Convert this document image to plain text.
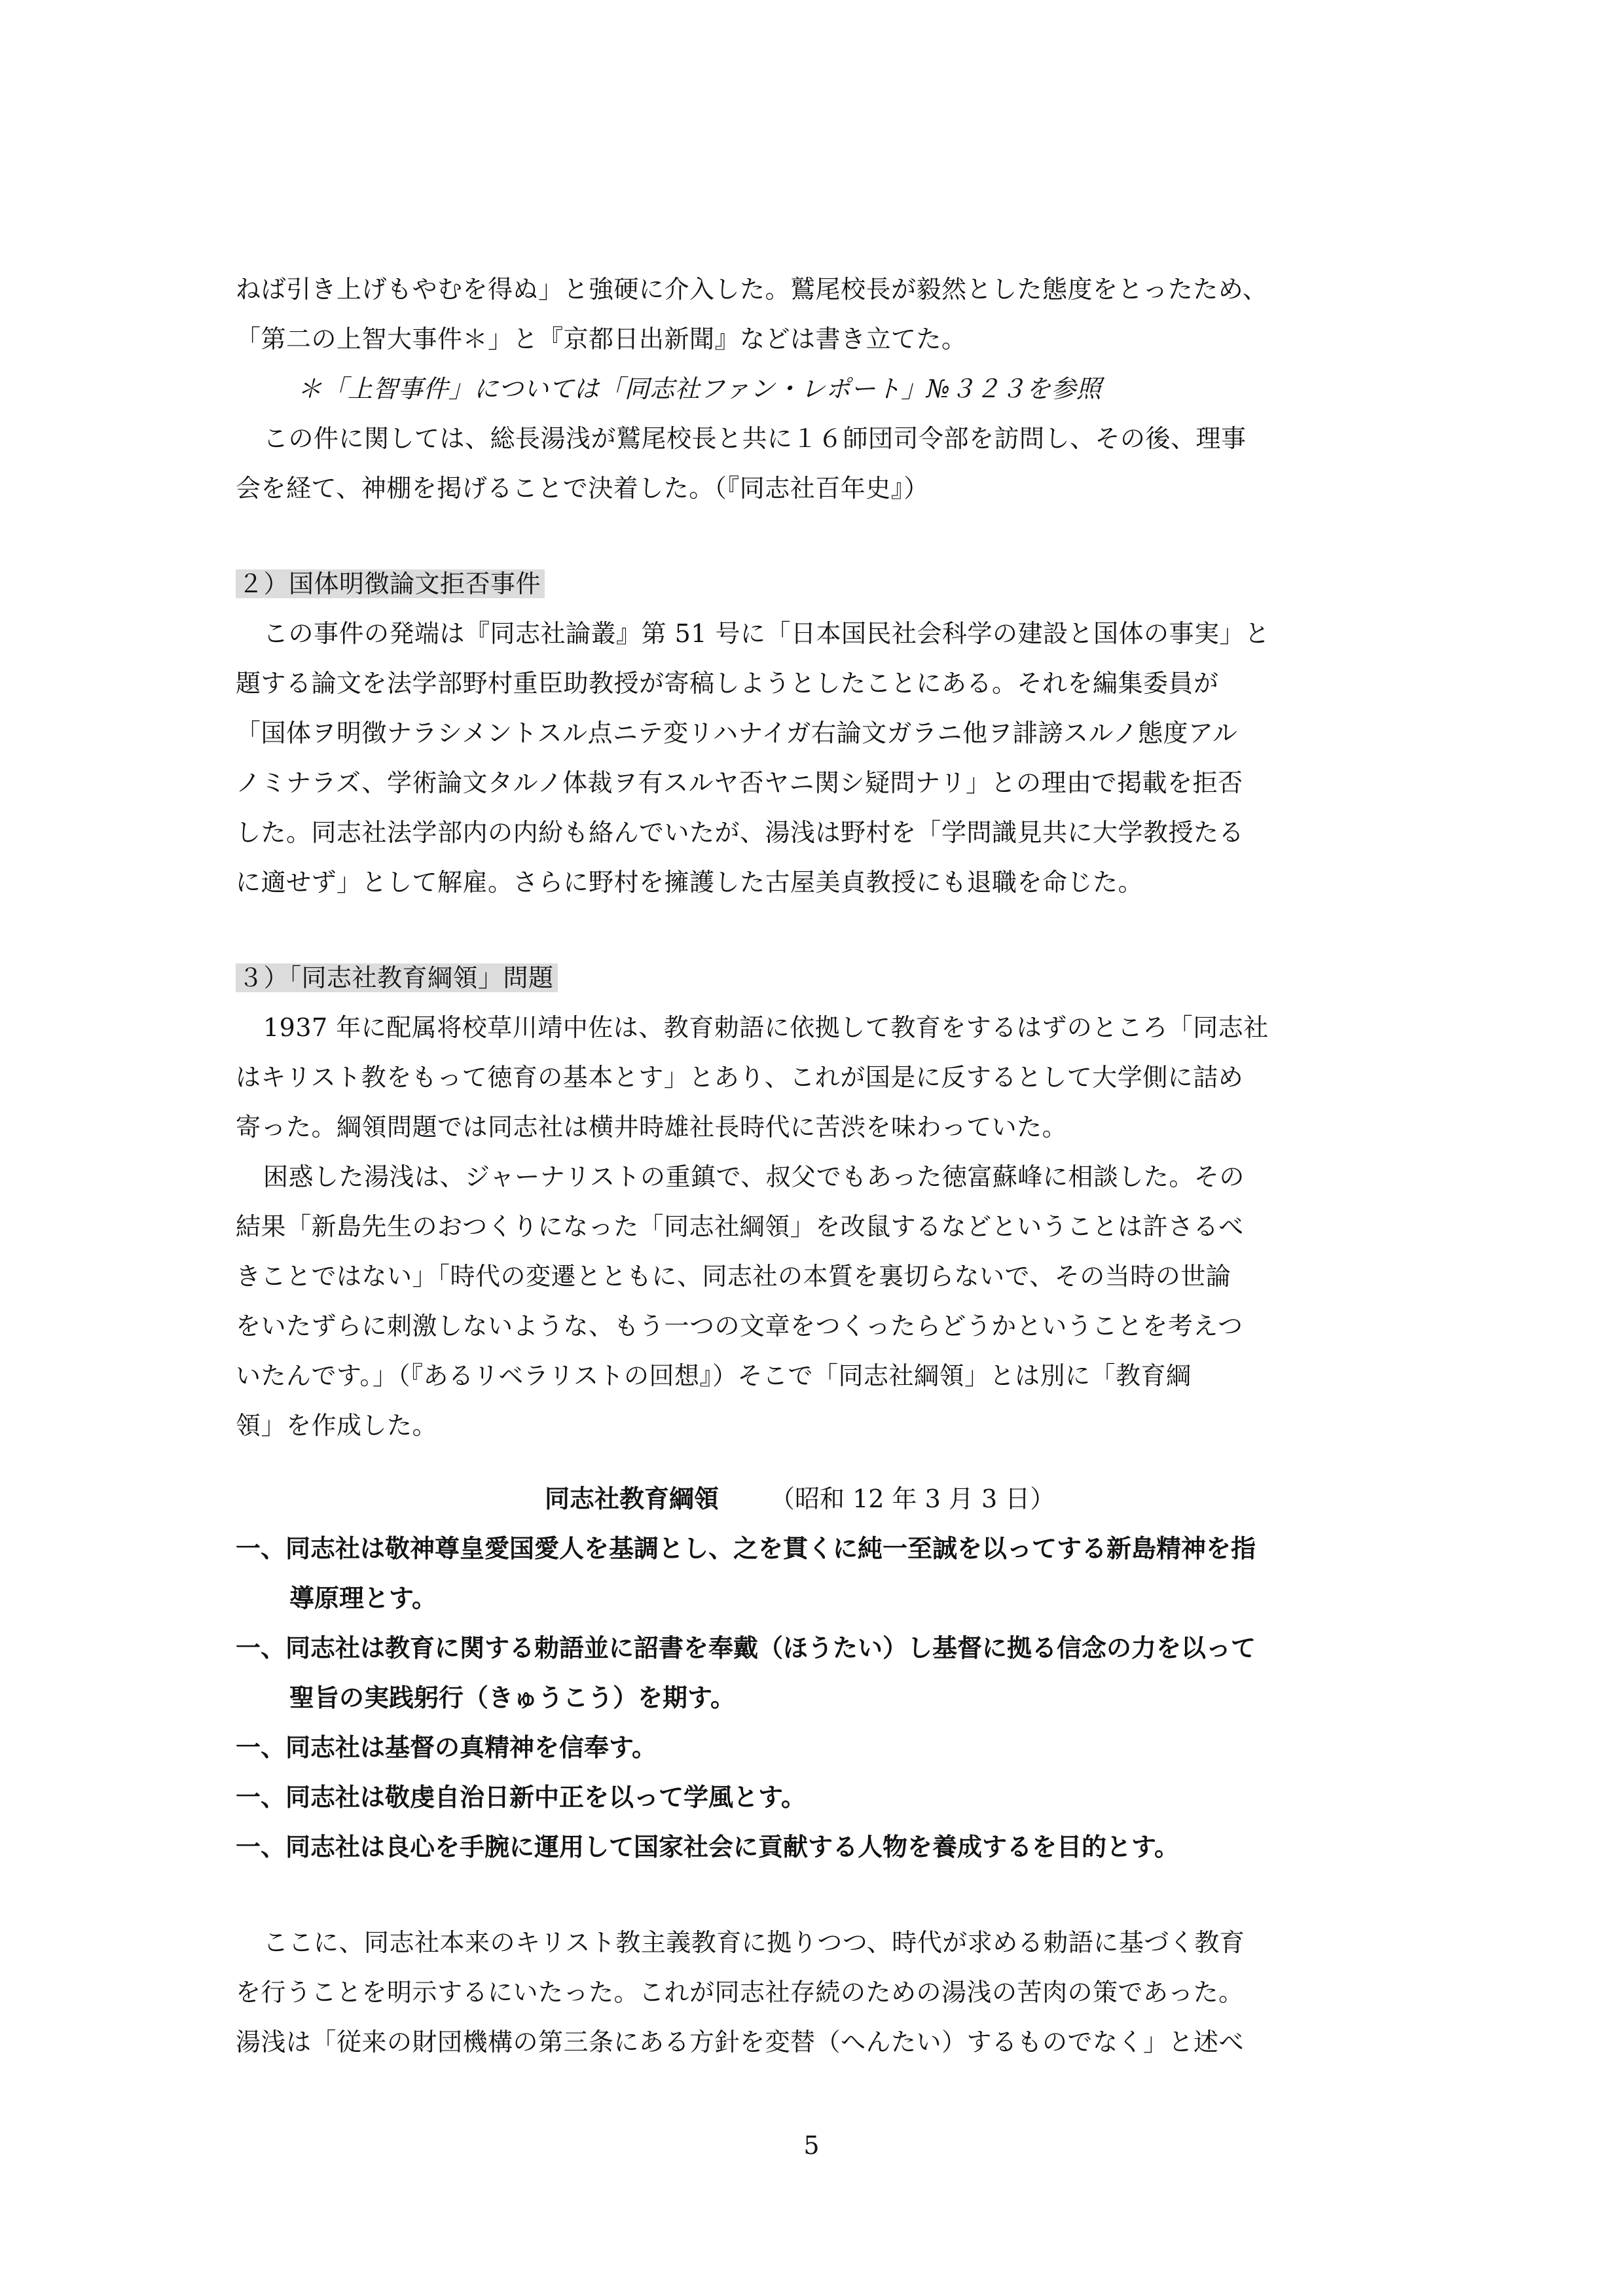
ねば引き上げもやむを得ぬ」と強硬に介入した。鷲尾校長が毅然とした態度をとったため、
「第二の上智大事件＊」と『京都日出新聞』などは書き立てた。
＊「上智事件」については「同志社ファン・レポート」№３２３を参照
この件に関しては、総長湯浅が鷲尾校長と共に１６師団司令部を訪問し、その後、理事
会を経て、神棚を掲げることで決着した。（『同志社百年史』）
２）国体明徴論文拒否事件
この事件の発端は『同志社論叢』第 51 号に「日本国民社会科学の建設と国体の事実」と
題する論文を法学部野村重臣助教授が寄稿しようとしたことにある。それを編集委員が
「国体ヲ明徴ナラシメントスル点ニテ変リハナイガ右論文ガラニ他ヲ誹謗スルノ態度アル
ノミナラズ、学術論文タルノ体裁ヲ有スルヤ否ヤニ関シ疑問ナリ」との理由で掲載を拒否
した。同志社法学部内の内紛も絡んでいたが、湯浅は野村を「学問識見共に大学教授たる
に適せず」として解雇。さらに野村を擁護した古屋美貞教授にも退職を命じた。
３）「同志社教育綱領」問題
1937 年に配属将校草川靖中佐は、教育勅語に依拠して教育をするはずのところ「同志社
はキリスト教をもって徳育の基本とす」とあり、これが国是に反するとして大学側に詰め
寄った。綱領問題では同志社は横井時雄社長時代に苦渋を味わっていた。
困惑した湯浅は、ジャーナリストの重鎮で、叔父でもあった徳富蘇峰に相談した。その
結果「新島先生のおつくりになった「同志社綱領」を改鼠するなどということは許さるべ
きことではない」「時代の変遷とともに、同志社の本質を裏切らないで、その当時の世論
をいたずらに刺激しないような、もう一つの文章をつくったらどうかということを考えつ
いたんです。」（『あるリベラリストの回想』）そこで「同志社綱領」とは別に「教育綱
領」を作成した。
同志社教育綱領 （昭和 12 年 3 月 3 日）
一、同志社は敬神尊皇愛国愛人を基調とし、之を貫くに純一至誠を以ってする新島精神を指
導原理とす。
一、同志社は教育に関する勅語並に詔書を奉戴（ほうたい）し基督に拠る信念の力を以って
聖旨の実践躬行（きゅうこう）を期す。
一、同志社は基督の真精神を信奉す。
一、同志社は敬虔自治日新中正を以って学風とす。
一、同志社は良心を手腕に運用して国家社会に貢献する人物を養成するを目的とす。
ここに、同志社本来のキリスト教主義教育に拠りつつ、時代が求める勅語に基づく教育
を行うことを明示するにいたった。これが同志社存続のための湯浅の苦肉の策であった。
湯浅は「従来の財団機構の第三条にある方針を変替（へんたい）するものでなく」と述べ
5
